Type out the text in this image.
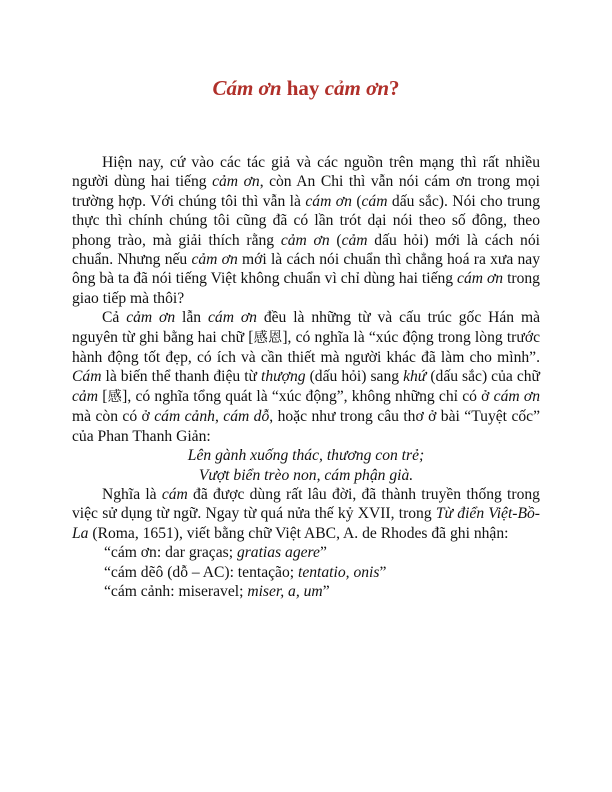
Cám ơn hay cảm ơn?

Hiện nay, cứ vào các tác giả và các nguồn trên mạng thì rất nhiều người dùng hai tiếng cảm ơn, còn An Chi thì vẫn nói cám ơn trong mọi trường hợp. Với chúng tôi thì vẫn là cám ơn (cám dấu sắc). Nói cho trung thực thì chính chúng tôi cũng đã có lần trót dại nói theo số đông, theo phong trào, mà giải thích rằng cảm ơn (cảm dấu hỏi) mới là cách nói chuẩn. Nhưng nếu cảm ơn mới là cách nói chuẩn thì chẳng hoá ra xưa nay ông bà ta đã nói tiếng Việt không chuẩn vì chỉ dùng hai tiếng cám ơn trong giao tiếp mà thôi?

Cả cảm ơn lẫn cám ơn đều là những từ và cấu trúc gốc Hán mà nguyên từ ghi bằng hai chữ [感恩], có nghĩa là “xúc động trong lòng trước hành động tốt đẹp, có ích và cần thiết mà người khác đã làm cho mình”. Cám là biến thể thanh điệu từ thượng (dấu hỏi) sang khứ (dấu sắc) của chữ cảm [感], có nghĩa tổng quát là “xúc động”, không những chỉ có ở cám ơn mà còn có ở cám cảnh, cám dỗ, hoặc như trong câu thơ ở bài “Tuyệt cốc” của Phan Thanh Giản:

Lên gành xuống thác, thương con trẻ;
Vượt biển trèo non, cám phận già.

Nghĩa là cám đã được dùng rất lâu đời, đã thành truyền thống trong việc sử dụng từ ngữ. Ngay từ quá nửa thế kỷ XVII, trong Từ điển Việt-Bồ-La (Roma, 1651), viết bằng chữ Việt ABC, A. de Rhodes đã ghi nhận:

“cám ơn: dar graças; gratias agere”
“cám dẽô (dỗ – AC): tentação; tentatio, onis”
“cám cảnh: miseravel; miser, a, um”
